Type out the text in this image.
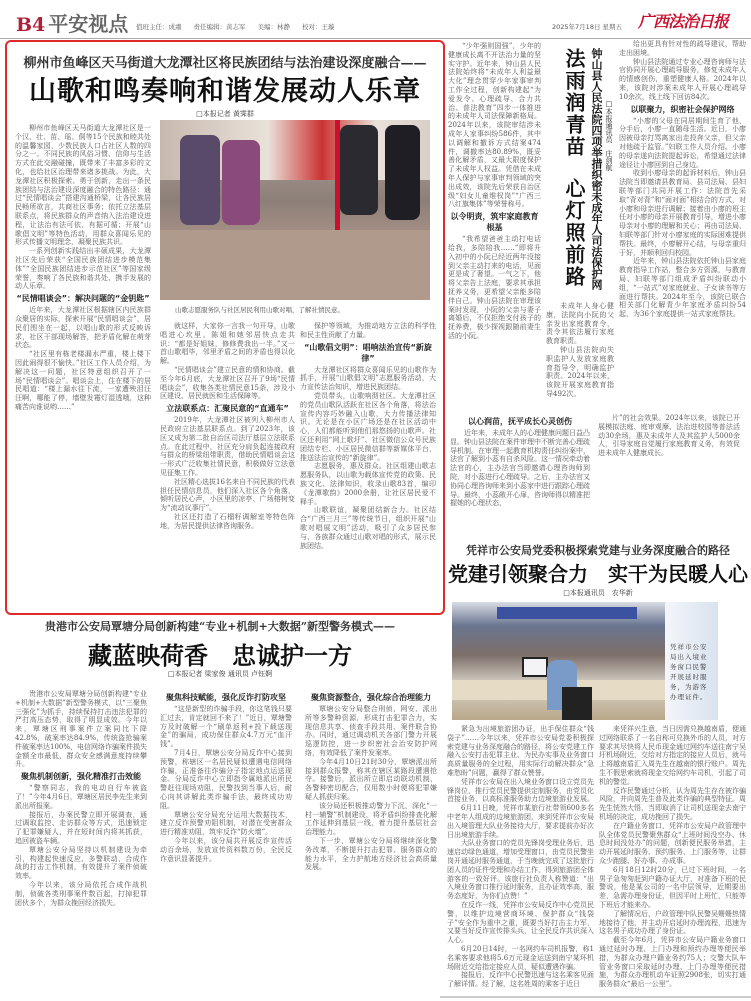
B4 平安视点 值班主任：成肅 责任编辑：黄志军 美编：林静 校对：王璇	2025年7月18日 星期五 广西法治日报
柳州市鱼峰区天马街道大龙潭社区将民族团结与法治建设深度融合——
山歌和鸣奏响和谐发展动人乐章
□本报记者 黄霁群

柳州市鱼峰区天马街道大龙潭社区是一个汉、壮、苗、瑶、侗等15个民族和睦共处的温馨家园，少数民族人口占社区人数的四分之一。不同民族的风俗习惯、信仰与生活方式在此交融碰撞，既带来了丰富多彩的文化，也给社区治理带来诸多挑战。为此，大龙潭社区积极探索、勇于创新，走出一条民族团结与法治建设深度融合的特色路径：通过“民情唱谈会”搭建沟通桥梁，让各民族居民畅所欲言，共商社区事务；依托立法基层联系点，将民族群众的声音纳入法治建设进程，让法治有法可依、有据可循；开展“山歌倡文明”等特色活动，用群众喜闻乐见的形式传播文明理念，凝聚民族共识。

一系列创新实践结出丰硕成果，大龙潭社区先后荣获“全国民族团结进步模范集体”“全国民族团结进步示范社区”等国家级荣誉，奏响了各民族和谐共处、携手发展的动人乐章。

“民情唱谈会”：解决问题的“金钥匙”

近年来，大龙潭社区根据辖区内民族群众聚居的实际，探索开展“民情唱谈会”，居民们围坐在一起，以唱山歌的形式反映诉求，社区干部现场解答，把矛盾化解在萌芽状态。

“社区里有栋老楼漏水严重，楼上楼下因此闹得很不愉快。”社区工作人员介绍，为解决这一问题，社区特意组织召开了一场“民情唱谈会”。唱谈会上，住在楼下的居民唱道：“楼上漏水往下流，一家遭殃泪汪汪啊，哪能了停，墙壁发霉灯湿透哦，这种痛苦向谁说哟……”

山歌志愿服务队与社区居民利用山歌对唱，了解社情民意。

就这样，大家你一言我一句开导，山歌唱进心坎里。陈姐和她邻居快点走共识：“都是好姐妹，修修费我出一半。”又一首山歌唱毕，邻里矛盾之间的矛盾也得以化解。

“民情唱谈会”建立民意的情和协商。截至今年6月底，大龙潭社区召开了9场“民情唱谈会”，收集各类社情民意15条，涉及小区建设、居民就医和生活保障等。

立法联系点：汇聚民意的“直通车”

2019年，大龙潭社区被列入柳州市人民政府立法基层联系点。到了2023年，该区又成为第二批自治区司法厅基层立法联系点。在此过程中，社区充分肩负起连接政府与群众的桥梁纽带职责，借助民情唱谈会这一形式广泛收集社情民意，积极做好立法意见征集工作。

社区精心选拔16名来自不同民族的代表担任民情信息员，他们深入社区各个角落，倾听居民心声，小区里的凉亭、广场榕树变为“流动议事厅”。

社区还打造了石榴籽调解室等特色阵地，为居民提供法律咨询服务。

保护等领域，为推动地方立法的科学性和民主性贡献了力量。

“山歌倡文明”：唱响法治宣传“新旋律”

大龙潭社区将群众喜闻乐见的山歌作为抓手，开展“山歌倡文明”志愿服务活动，大力宣传法治知识，增进民族团结。

党员带头，山歌响彻社区。大龙潭社区的党员山歌队活跃在社区各个角落，将法治宣传内容巧妙融入山歌，大力传播法律知识。无论是在小区广场还是在社区活动中心，人们都能听到他们那悠扬的山歌声。社区还利用“网上歌圩”、社区微信公众号民族团结专栏、小区居民微信群等新媒体平台，推送法治宣传的“新旋律”。

志愿服务，惠及群众。社区组建山歌志愿服务队，以山歌为载体宣传党的政策、民族文化、法律知识，收录山歌83首，编印《龙潭歌韵》2000余册，让社区居民爱不释手。

山歌联谊，凝聚团结新合力。社区结合“广西三月三”等传统节日，组织开展“山歌对唱展文明”活动，吸引了众多居民参与，各族群众通过山歌对唱的形式，展示民族团结。

“少年强则国强”，少年的健康成长离不开法治力量的坚实守护。近年来，钟山县人民法院始终将“未成年人利益最大化”理念贯穿少年家事审判工作全过程，创新构建起“为爱发令、心理疏导、合力共治、普法教育”四步一体推进的未成年人司法保障新格局。2024年以来，该院审结涉未成年人家事纠纷586件，其中以调解和撤诉方式结案474件，调撤率达80.89%，既妥善化解矛盾，又最大限度保护了未成年人权益。凭借在未成年人保护与家事审判领域的突出成效，该院先后荣获自治区级“妇女儿童维权岗”“广西三八红旗集体”等荣誉称号。

以令明责，筑牢家庭教育根基

“我希望爸爸主动打电话给我，多陪陪我……”即将升入初中的小阮已经近两年没接到父亲主动打来的电话，见面更是成了奢望。一气之下，他将父亲告上法庭，要求其承担抚养义务，更希望父亲能多陪伴自己。钟山县法院在审理该案时发现，小阮的父亲与妻子离婚后，不仅拒绝支付孩子的抚养费，极少探视跟随前妻生活的小阮。

法雨润青苗心灯照前路 钟山县人民法院四项举措织密未成年人司法保护网 □本报通讯员　庄剑航

未成年人身心健康，法院向小阮的父亲发出家庭教育令，责令其依法履行家庭教育职责。

钟山县法院向失职监护人发放家庭教育指导令，明确监护职责。2024年以来，该院开展家庭教育指导492次。

给出更具有针对性的疏导建议，帮助走出困境。

钟山县法院通过专业心理咨询师与法官协同开展心理疏导服务，修复未成年人的情感创伤，重塑健康人格。2024年以来，该院对涉案未成年人开展心理疏导10余次，线上线下回访84次。

以联聚力，织密社会保护网络

“小廖的父母在同居期间生育了他，分手后，小廖一直随母生活。近日，小廖因被母亲打骂离家出走投奔父亲，但父亲对他疏于监管。”妇联工作人员介绍。小廖的母亲遂向法院提起诉讼，希望通过法律途径让小廖回到自己身边。

收到小廖母亲的起诉材料后，钟山县法院当即邀请县教育局、县司法局、县妇联等部门共同开展工作：法院首先采取“背对背”和“面对面”相结合的方式，对小廖和母亲进行调解；接着由小廖的班主任对小廖的母亲开展教育引导，增进小廖母亲对小廖的理解和关心；再由司法局、妇联等部门针对小廖家庭的实际困难提供帮扶。最终，小廖解开心结，与母亲重归于好，并顺利回归校园。

近年来，钟山县法院依托钟山县家庭教育指导工作站，整合多方资源，与教育局、妇联等部门组成矛盾纠纷联动小组，“一站式”对家庭就业、子女读书等方面进行帮扶。2024年至今，该院已联合相关部门化解青少年家庭矛盾纠纷54起，为36个家庭提供一站式家庭帮扶。

以心润苗，抚平成长心灵创伤

近年来，未成年人的心理健康问题日益凸显。钟山县法院在案件审理中不断完善心理疏导机制。在审理一起教育机构责任纠纷案中，法官了解到小蕊有自杀风险。这一情况牵动着法官的心，主办法官当即邀请心理咨询师到院，对小蕊进行心理疏导。之后，主办法官又协同心理咨询师来到小蕊家中进行跟踪心理疏导。最终，小蕊敞开心扉，咨询师得以精准把握她的心理状态，

片”的社会效果。2024年以来，该院已开展模拟法庭、庭审观摩、法治进校园等普法活动30余场，惠及未成年人及其监护人5000余人，引导家庭自觉履行家庭教育义务，有效促进未成年人健康成长。

凭祥市公安局党委积极探索党建与业务深度融合的路径
党建引领聚合力　实干为民暖人心
□本报通讯员　农华新
凭祥市公安局出入境业务窗口民警开展延时服务，为游客办理证件。

紧急为出境旅游团办证，出手保住群众“钱袋子”……今年以来，凭祥市公安局党委积极探索党建与业务深度融合的路径，将公安党建工作融入公安打击犯罪主业、为民办实事及业务窗口高质量服务的全过程，用实际行动解决群众“急难愁盼”问题，赢得了群众赞誉。

凭祥市公安局在出入境业务窗口设立党员先锋岗位，推行党员民警提供定制服务，由党员化首接业务，以高标准服务助力边境旅游业发展。

6月11日晚，凭祥市某旅行社带领600多名中老年人组成的边境旅游团，来到凭祥市公安局出入境管理大队业务接待大厅，要求提前办好次日出境旅游手续。

大队业务窗口的党员先锋岗受理业务后，迅速启动绿色通道，增加受理窗口，由党员民警坐岗开通延时服务通道，于当晚就完成了这批旅行团人员的证件受理和办结工作，得到旅游团全体游客的一致好评。该旅行社负责人称赞道：“出入境业务窗口推行延时服务，且办证效率高，服务态度好，为你们点赞！”

在反诈一线，凭祥市公安局反诈中心党员民警，以维护边境营商环境、保护群众“钱袋子”安全作为重中之重，既要当好打击主力军，又要当好反诈宣传排头兵，让全民反诈共识深入人心。

6月20日14时，一名网约车司机报警，称1名乘客要求他将5.6万元现金运送到南宁某环机场附近交给指定接应人员，疑似遭遇诈骗。

接报后，反诈中心民警迅速与这名乘客见面了解详情。经了解，这名姓周的乘客于近日

来凭祥兴生意，当日因需兑换越南盾，便通过网络联系了一名自称可兑换外币的人员，对方要求其尽快将人民币现金通过网约车送往南宁吴圩机场附近，交给对方指定的接应人员后，就马上将越南盾汇入周先生在越南的银行账户。周先生不假思索就将现金交给网约车司机，引起了司机的警觉。

反诈民警通过分析，认为周先生存在被诈骗风险，并向周先生普及此类诈骗的典型特征。周先生恍然大悟，当即取消了让司机送现金去南宁机场的决定，成功挽回了损失。

在户籍业务窗口，凭祥市公安局户政管理中队全体党员民警聚焦群众“上班时间没空办、休息时间没处办”的问题，创新便民服务举措，主动开展延时服务、预约服务、上门服务等，让群众少跑腿、好办事、办成事。

6月18日12时20分，已过下班时间，一名男子急匆匆赶到户籍办证大厅，对准备下班的民警说，他是某公司的一名中层领导，近期要出差，急需办理身份证，但因平时上班忙，只能等下班后才能来办。

了解情况后，户政管理中队民警吴姗姗热情地接待了他，并主动开启延时办理流程，迅速为这名男子成功办理了身份证。

截至今年6月，凭祥市公安局户籍业务窗口通过延时办理、上门办理和预约办理等便民举措，为群众办理户籍业务约75人；交警大队车管业务窗口采取延时办理、上门办理等便民措施，为群众办理机动车证照2908张，切实打通服务群众“最后一公里”。

贵港市公安局覃塘分局创新构建“专业+机制+大数据”新型警务模式——
藏蓝映荷香　忠诚护一方
□本报记者 梁家俊 通讯员 卢钰婀

贵港市公安局覃塘分局创新构建“专业+机制+大数据”新型警务模式，以“三聚焦三强化”为抓手，持续保持打击违法犯罪的严打高压态势，取得了明显成效。今年以来，覃塘区刑事案件立案同比下降42.8%，破案率达84.9%，传统盗抢骗案件破案率达100%，电信网络诈骗案件损失金额全市最低，群众安全感满意度持续攀升。

聚焦机制创新，强化精准打击效能

“警察同志，我的电动自行车被盗了！”今年4月6日，覃塘区居民李先生来到派出所报案。

接报后，办案民警立即开展调查，通过调取监控、走访群众等方式，迅速锁定了犯罪嫌疑人，并在短时间内将其抓获，追回被盗车辆。

覃塘公安分局坚持以机制建设为牵引，构建起快速反应、多警联动、合成作战的打击工作机制，有效提升了案件侦破效率。

今年以来，该分局依托合成作战机制，侦破各类刑事案件数百起，打掉犯罪团伙多个，为群众挽回经济损失。

聚焦科技赋能，强化反诈打防攻坚

“这是新型的诈骗手段，你这笔钱只要汇过去，肯定就回不来了！”近日，覃塘警方及时破解一个“刷单返利+投下载送现金”的骗局，成功保住群众4.7万元“血汗钱”。

7月4日，覃塘公安分局反诈中心接到预警，称辖区一名居民疑似遭遇电信网络诈骗，正准备往诈骗分子指定地点运送现金。分局反诈中心立即指令属地派出所民警赶往现场劝阻，民警找到当事人后，耐心向其讲解此类诈骗手法，最终成功劝阻。

覃塘公安分局充分运用大数据技术，建立反诈预警劝阻机制，对潜在受害群众进行精准劝阻，筑牢反诈“防火墙”。

今年以来，该分局共开展反诈宣传活动百余场，发放宣传资料数万份，全民反诈意识显著提升。

聚焦资源整合，强化综合治理能力

覃塘公安分局整合刑侦、网安、派出所等多警种资源，形成打击犯罪合力，实现信息共享、侦查手段共用、案件联合协办。同时，通过调动机关各部门警力开展巡逻防控，进一步织密社会治安防护网络，有效降低了案件发案率。

今年4月10日21时30分，覃塘派出所接到群众报警，称其在辖区某路段遭遇抢夺。接警后，派出所立即启动联动机制，各警种密切配合，仅用数小时便将犯罪嫌疑人抓获归案。

该分局还积极推动警力下沉，深化“一村一辅警”机制建设，将矛盾纠纷排查化解工作延伸到基层一线，着力提升基层社会治理能力。

下一步，覃塘公安分局将继续深化警务改革，不断提升打击犯罪、服务群众的能力水平，全力护航地方经济社会高质量发展。
